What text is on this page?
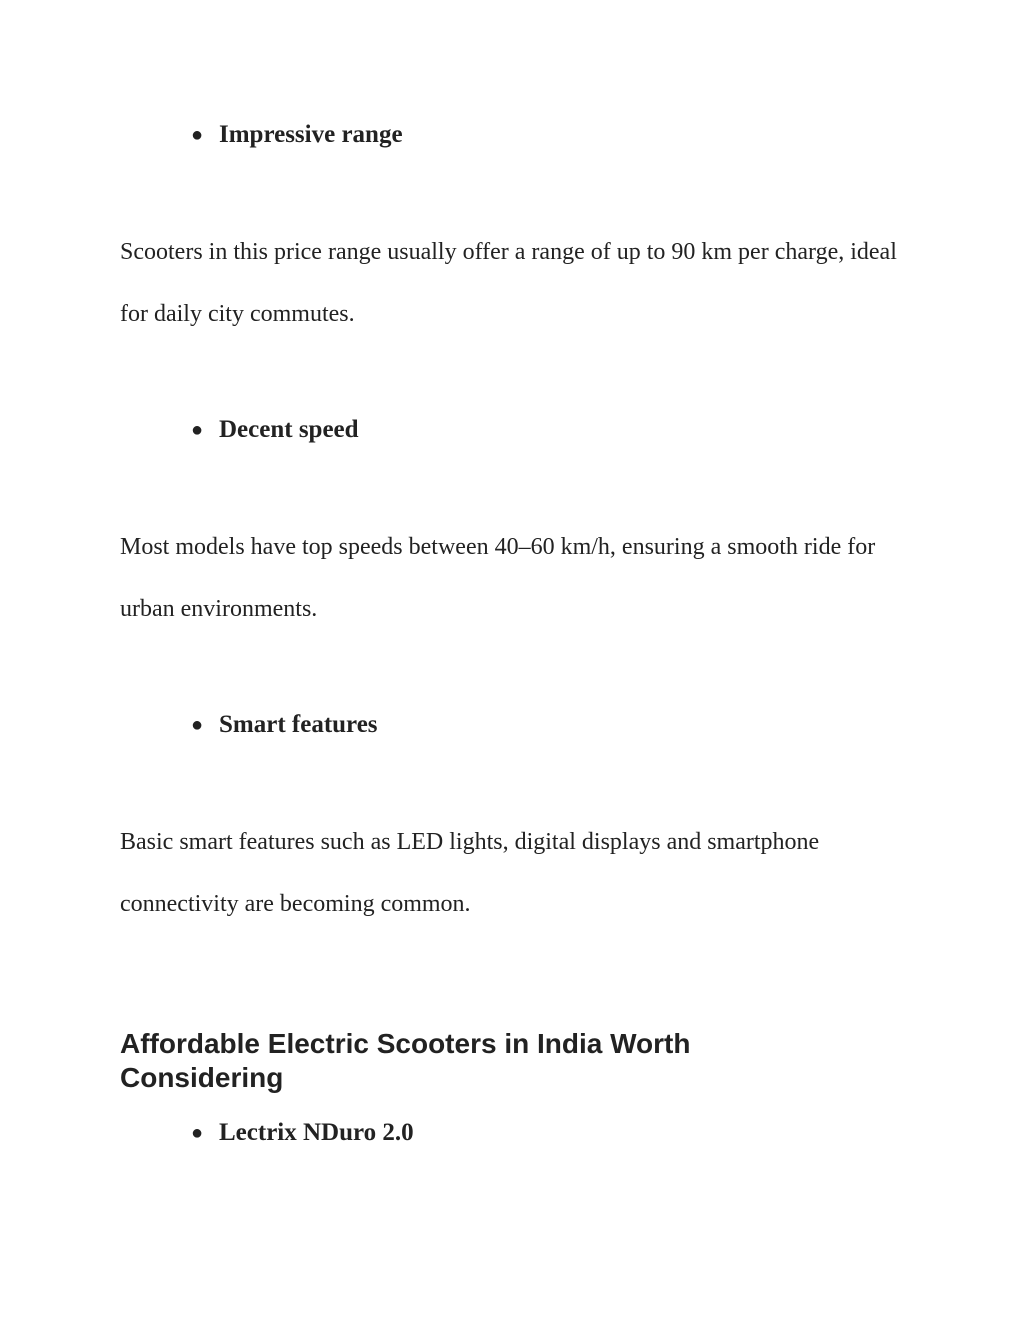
● Impressive range

Scooters in this price range usually offer a range of up to 90 km per charge, ideal for daily city commutes.

● Decent speed

Most models have top speeds between 40–60 km/h, ensuring a smooth ride for urban environments.

● Smart features

Basic smart features such as LED lights, digital displays and smartphone connectivity are becoming common.

Affordable Electric Scooters in India Worth Considering
● Lectrix NDuro 2.0
